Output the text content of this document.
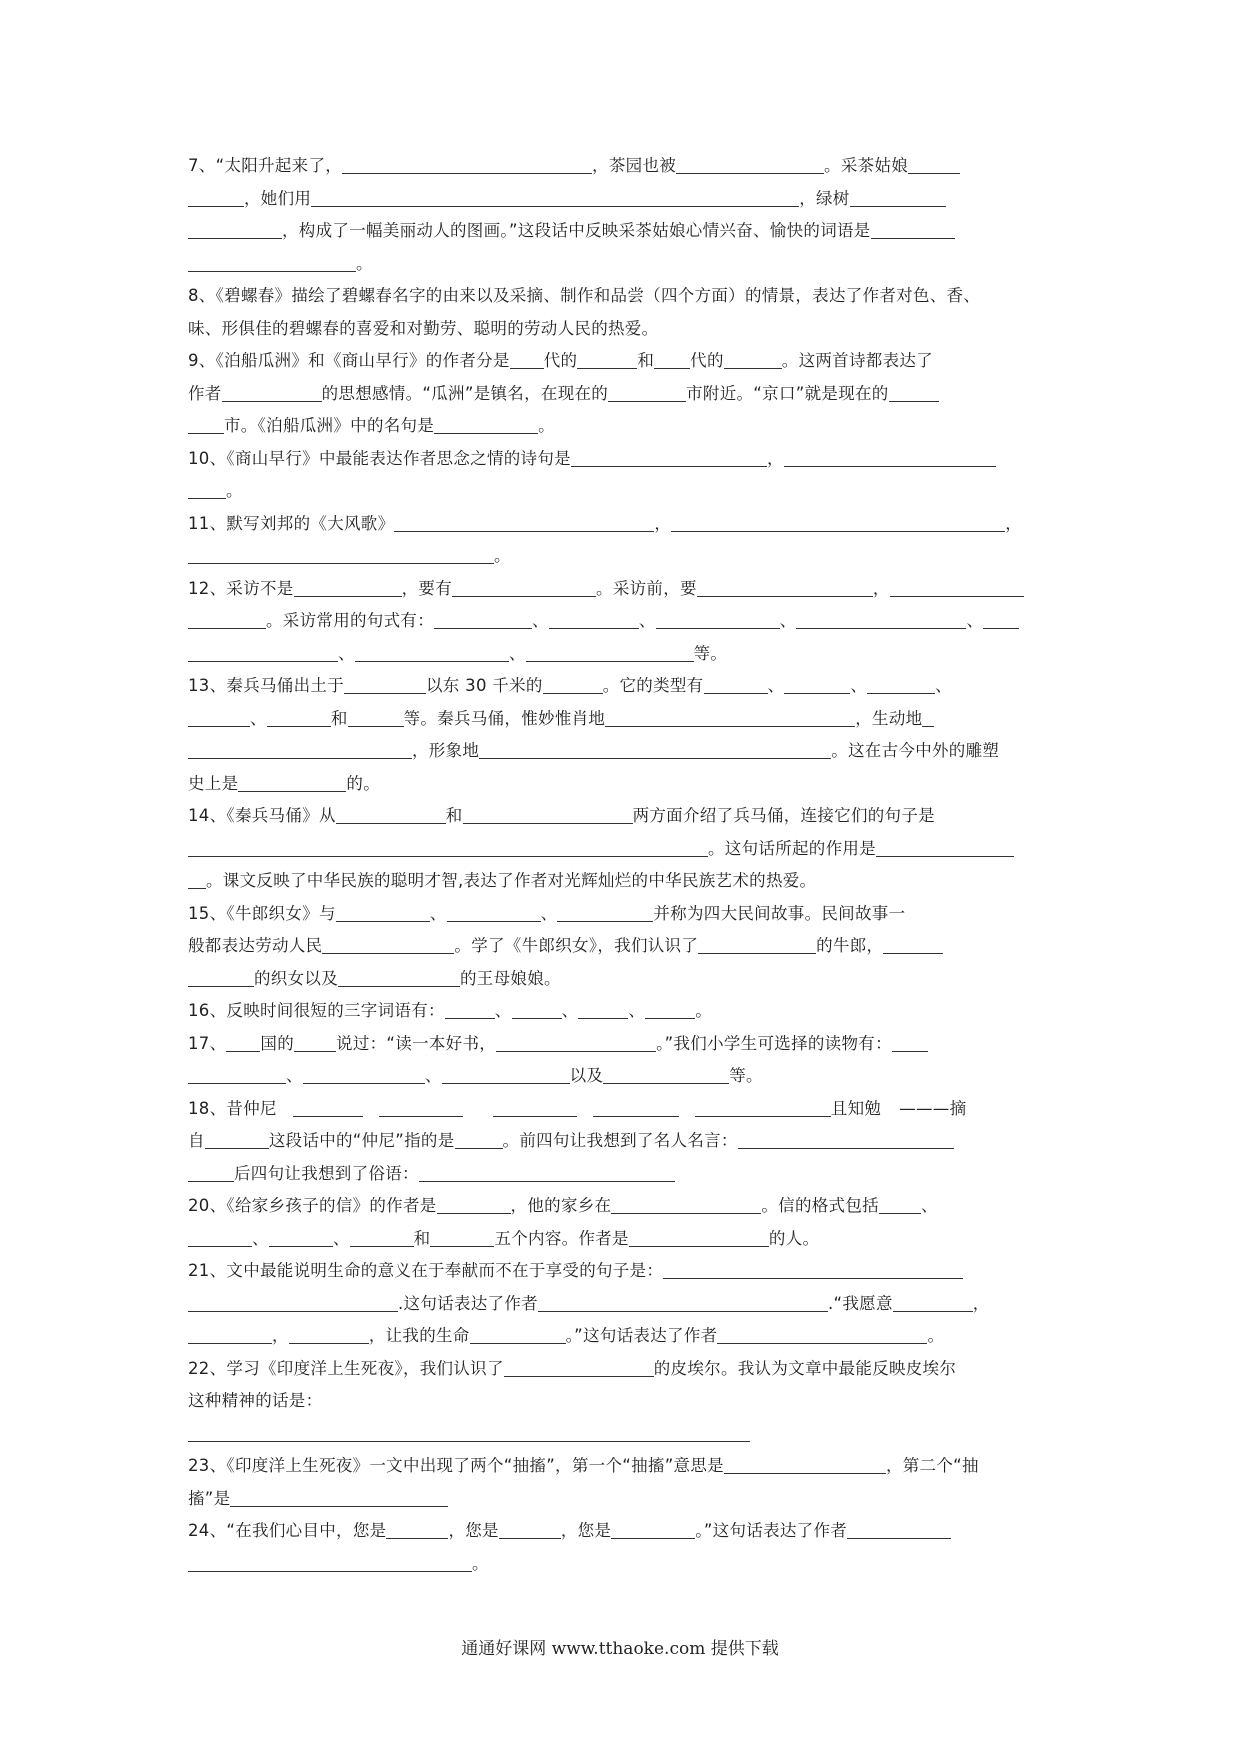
7、“太阳升起来了，	，茶园也被	。采茶姑娘
，她们用	，绿树
，构成了一幅美丽动人的图画。”这段话中反映采茶姑娘心情兴奋、愉快的词语是
。
8、《碧螺春》描绘了碧螺春名字的由来以及采摘、制作和品尝（四个方面）的情景，表达了作者对色、香、
味、形俱佳的碧螺春的喜爱和对勤劳、聪明的劳动人民的热爱。
9、《泊船瓜洲》和《商山早行》的作者分是 代的	和 代的	。这两首诗都表达了
作者	的思想感情。“瓜洲”是镇名，在现在的	市附近。“京口”就是现在的
市。《泊船瓜洲》中的名句是	。
10、《商山早行》中最能表达作者思念之情的诗句是	，
。
11、默写刘邦的《大风歌》	，	，
。
12、采访不是	，要有	。采访前，要	，
。采访常用的句式有：	、	、	、	、
、	、	等。
13、秦兵马俑出土于	以东 30 千米的	。它的类型有	、	、	、
、	和	等。秦兵马俑，惟妙惟肖地	，生动地
，形象地	。这在古今中外的雕塑
史上是	的。
14、《秦兵马俑》从	和	两方面介绍了兵马俑，连接它们的句子是
。这句话所起的作用是
。课文反映了中华民族的聪明才智,表达了作者对光辉灿烂的中华民族艺术的热爱。
15、《牛郎织女》与	、	、	并称为四大民间故事。民间故事一
般都表达劳动人民	。学了《牛郎织女》，我们认识了	的牛郎，
的织女以及	的王母娘娘。
16、反映时间很短的三字词语有：	、	、	、	。
17、 国的	说过：“读一本好书，	。”我们小学生可选择的读物有：
、	、	以及	等。
18、昔仲尼	且知勉 ———摘
自	这段话中的“仲尼”指的是	。前四句让我想到了名人名言：
后四句让我想到了俗语：
20、《给家乡孩子的信》的作者是	，他的家乡在	。信的格式包括	、
、	、	和	五个内容。作者是	的人。
21、文中最能说明生命的意义在于奉献而不在于享受的句子是：
.这句话表达了作者	.“我愿意	，
，	，让我的生命	。”这句话表达了作者	。
22、学习《印度洋上生死夜》，我们认识了	的皮埃尔。我认为文章中最能反映皮埃尔
这种精神的话是：
23、《印度洋上生死夜》一文中出现了两个“抽搐”，第一个“抽搐”意思是	，第二个“抽
搐”是
24、“在我们心目中，您是	，您是	，您是	。”这句话表达了作者
。
通通好课网 www.tthaoke.com 提供下载
